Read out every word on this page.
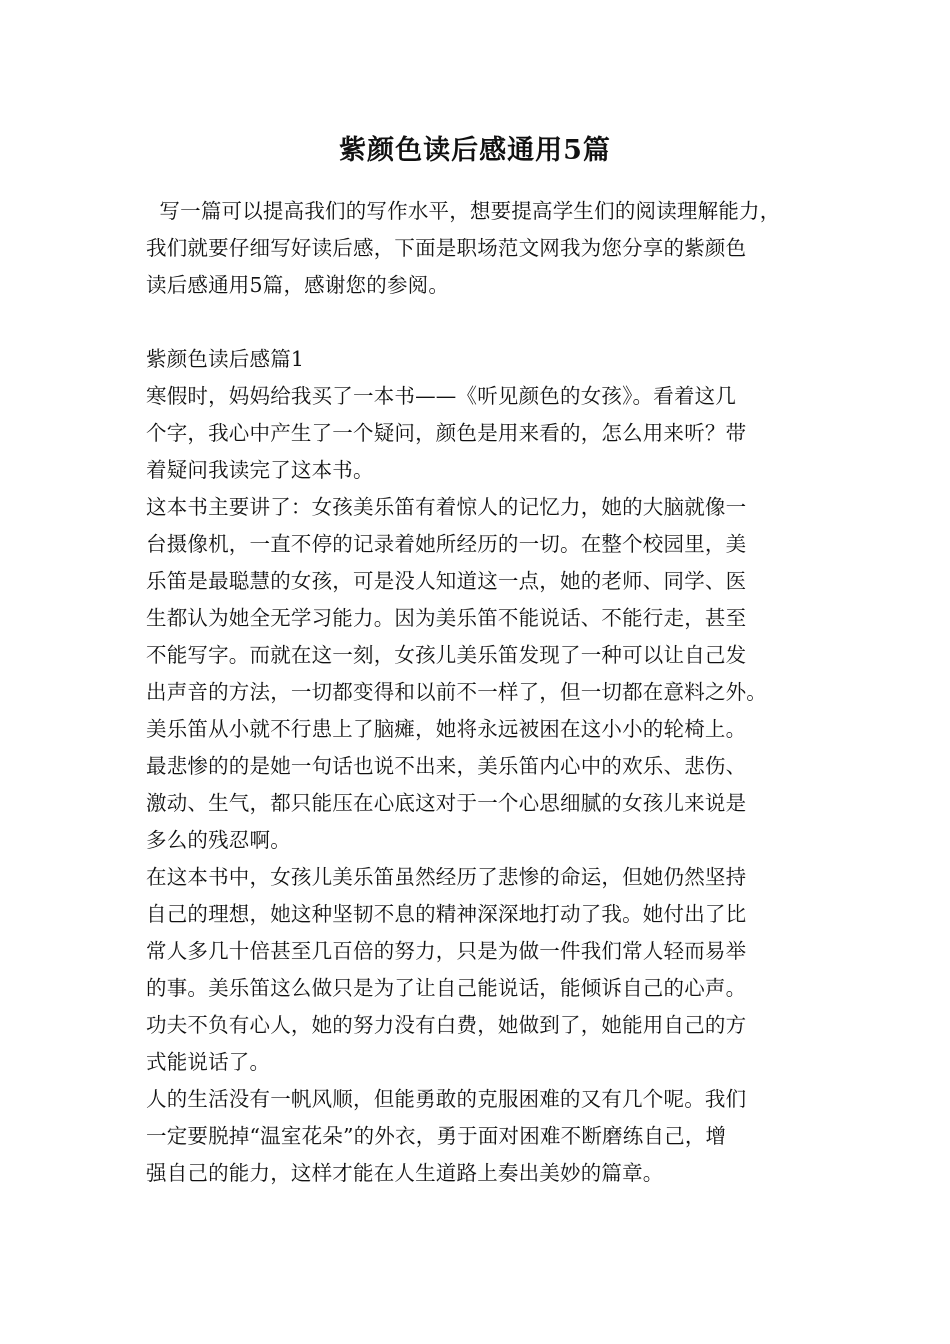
紫颜色读后感通用5篇
写一篇可以提高我们的写作水平，想要提高学生们的阅读理解能力，
我们就要仔细写好读后感，下面是职场范文网我为您分享的紫颜色
读后感通用5篇，感谢您的参阅。
紫颜色读后感篇1
寒假时，妈妈给我买了一本书——《听见颜色的女孩》。看着这几
个字，我心中产生了一个疑问，颜色是用来看的，怎么用来听？带
着疑问我读完了这本书。
这本书主要讲了：女孩美乐笛有着惊人的记忆力，她的大脑就像一
台摄像机，一直不停的记录着她所经历的一切。在整个校园里，美
乐笛是最聪慧的女孩，可是没人知道这一点，她的老师、同学、医
生都认为她全无学习能力。因为美乐笛不能说话、不能行走，甚至
不能写字。而就在这一刻，女孩儿美乐笛发现了一种可以让自己发
出声音的方法，一切都变得和以前不一样了，但一切都在意料之外。
美乐笛从小就不行患上了脑瘫，她将永远被困在这小小的轮椅上。
最悲惨的的是她一句话也说不出来，美乐笛内心中的欢乐、悲伤、
激动、生气，都只能压在心底这对于一个心思细腻的女孩儿来说是
多么的残忍啊。
在这本书中，女孩儿美乐笛虽然经历了悲惨的命运，但她仍然坚持
自己的理想，她这种坚韧不息的精神深深地打动了我。她付出了比
常人多几十倍甚至几百倍的努力，只是为做一件我们常人轻而易举
的事。美乐笛这么做只是为了让自己能说话，能倾诉自己的心声。
功夫不负有心人，她的努力没有白费，她做到了，她能用自己的方
式能说话了。
人的生活没有一帆风顺，但能勇敢的克服困难的又有几个呢。我们
一定要脱掉“温室花朵”的外衣，勇于面对困难不断磨练自己，增
强自己的能力，这样才能在人生道路上奏出美妙的篇章。
